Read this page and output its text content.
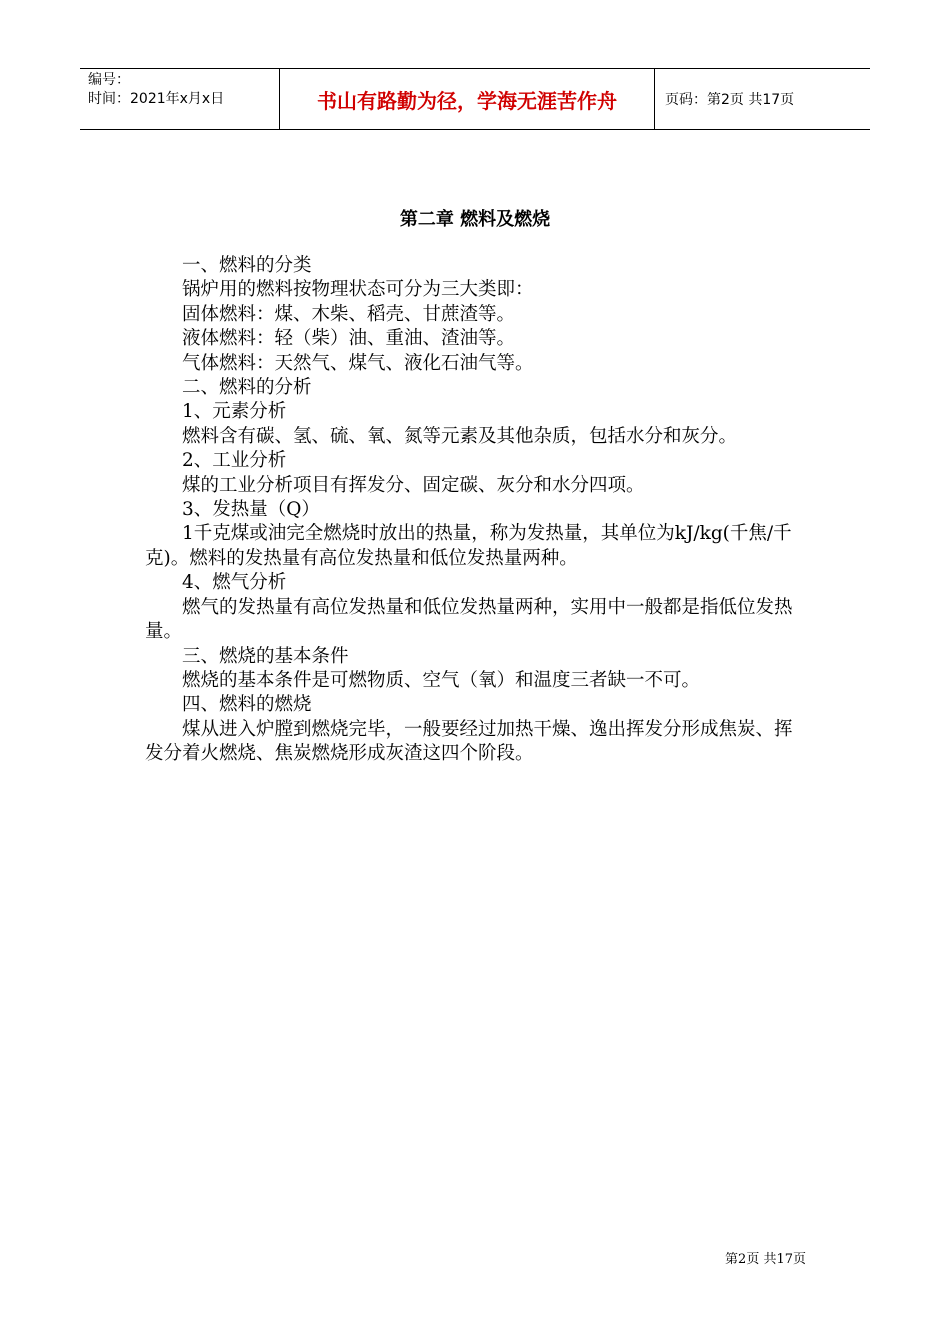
编号：
时间：2021年x月x日	书山有路勤为径，学海无涯苦作舟	页码：第2页 共17页
第二章 燃料及燃烧

一、燃料的分类

锅炉用的燃料按物理状态可分为三大类即：

固体燃料：煤、木柴、稻壳、甘蔗渣等。

液体燃料：轻（柴）油、重油、渣油等。

气体燃料：天然气、煤气、液化石油气等。

二、燃料的分析

1、元素分析

燃料含有碳、氢、硫、氧、氮等元素及其他杂质，包括水分和灰分。

2、工业分析

煤的工业分析项目有挥发分、固定碳、灰分和水分四项。

3、发热量（Q）

1千克煤或油完全燃烧时放出的热量，称为发热量，其单位为kJ/kg(千焦/千克)。燃料的发热量有高位发热量和低位发热量两种。

4、燃气分析

燃气的发热量有高位发热量和低位发热量两种，实用中一般都是指低位发热量。

三、燃烧的基本条件

燃烧的基本条件是可燃物质、空气（氧）和温度三者缺一不可。

四、燃料的燃烧

煤从进入炉膛到燃烧完毕，一般要经过加热干燥、逸出挥发分形成焦炭、挥发分着火燃烧、焦炭燃烧形成灰渣这四个阶段。

第2页 共17页
